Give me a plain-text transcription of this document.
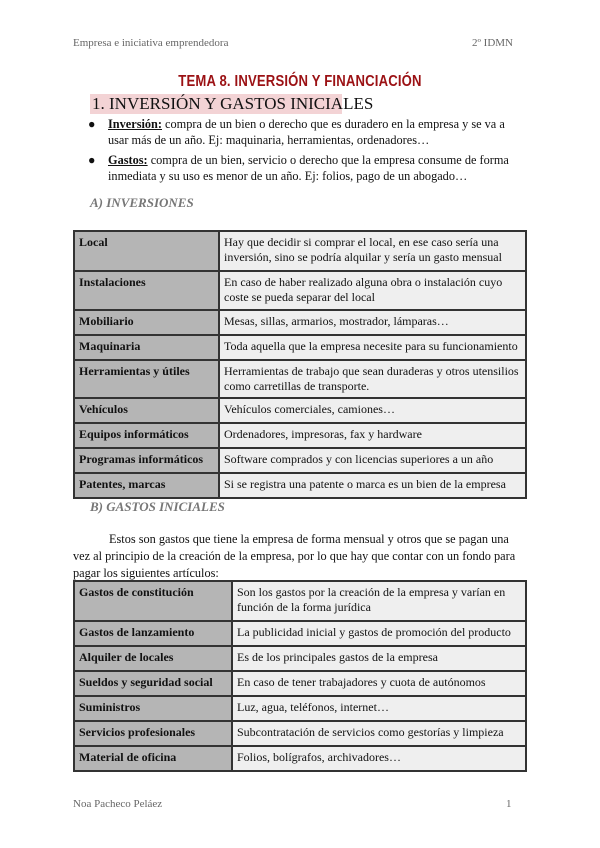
Empresa e iniciativa emprendedora	2º IDMN
TEMA 8. INVERSIÓN Y FINANCIACIÓN
1. INVERSIÓN Y GASTOS INICIALES
● Inversión: compra de un bien o derecho que es duradero en la empresa y se va a usar más de un año. Ej: maquinaria, herramientas, ordenadores…
● Gastos: compra de un bien, servicio o derecho que la empresa consume de forma inmediata y su uso es menor de un año. Ej: folios, pago de un abogado…
A) INVERSIONES
Local	Hay que decidir si comprar el local, en ese caso sería una inversión, sino se podría alquilar y sería un gasto mensual
Instalaciones	En caso de haber realizado alguna obra o instalación cuyo coste se pueda separar del local
Mobiliario	Mesas, sillas, armarios, mostrador, lámparas…
Maquinaria	Toda aquella que la empresa necesite para su funcionamiento
Herramientas y útiles	Herramientas de trabajo que sean duraderas y otros utensilios como carretillas de transporte.
Vehículos	Vehículos comerciales, camiones…
Equipos informáticos	Ordenadores, impresoras, fax y hardware
Programas informáticos	Software comprados y con licencias superiores a un año
Patentes, marcas	Si se registra una patente o marca es un bien de la empresa
B) GASTOS INICIALES
Estos son gastos que tiene la empresa de forma mensual y otros que se pagan una vez al principio de la creación de la empresa, por lo que hay que contar con un fondo para pagar los siguientes artículos:
Gastos de constitución	Son los gastos por la creación de la empresa y varían en función de la forma jurídica
Gastos de lanzamiento	La publicidad inicial y gastos de promoción del producto
Alquiler de locales	Es de los principales gastos de la empresa
Sueldos y seguridad social	En caso de tener trabajadores y cuota de autónomos
Suministros	Luz, agua, teléfonos, internet…
Servicios profesionales	Subcontratación de servicios como gestorías y limpieza
Material de oficina	Folios, bolígrafos, archivadores…
Noa Pacheco Peláez	1
